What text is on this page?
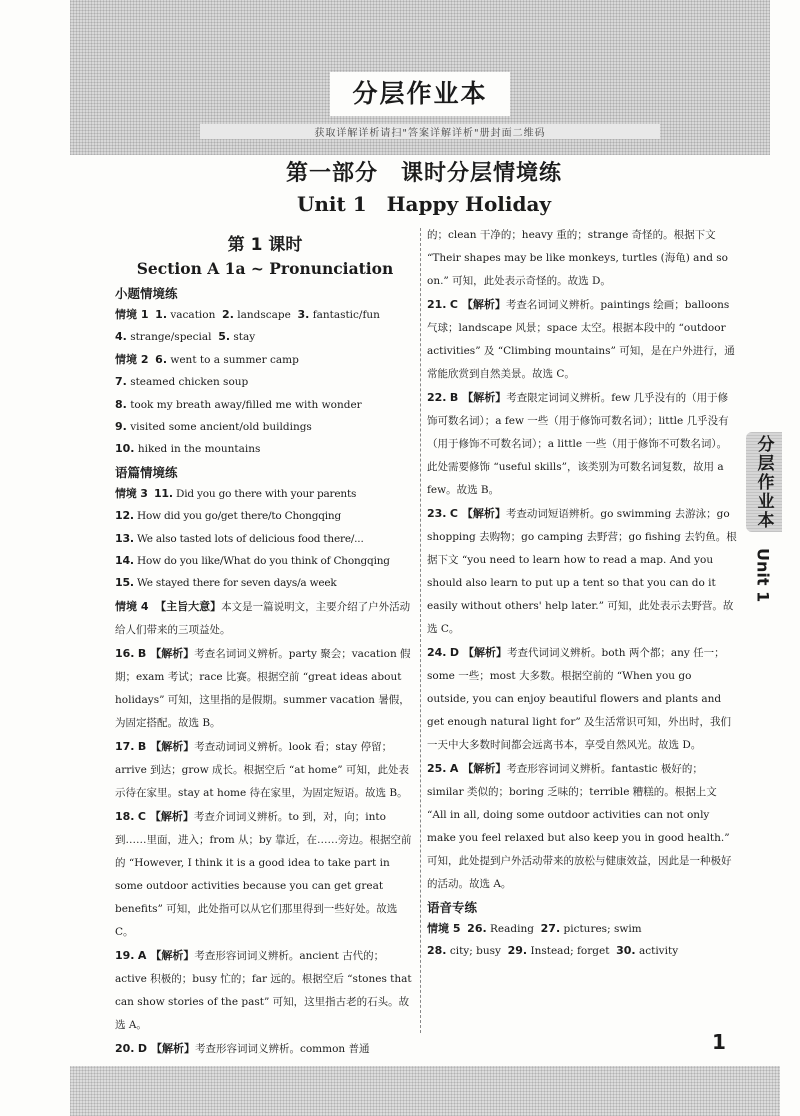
分层作业本
获取详解详析请扫"答案详解详析"册封面二维码
第一部分　课时分层情境练
Unit 1　Happy Holiday
第 1 课时
Section A 1a ~ Pronunciation
小题情境练
情境 1 1. vacation 2. landscape 3. fantastic/fun
4. strange/special 5. stay
情境 2 6. went to a summer camp
7. steamed chicken soup
8. took my breath away/filled me with wonder
9. visited some ancient/old buildings
10. hiked in the mountains
语篇情境练
情境 3 11. Did you go there with your parents
12. How did you go/get there/to Chongqing
13. We also tasted lots of delicious food there/...
14. How do you like/What do you think of Chongqing
15. We stayed there for seven days/a week
情境 4 【主旨大意】本文是一篇说明文，主要介绍了户外活动给人们带来的三项益处。
16. B 【解析】考查名词词义辨析。party 聚会；vacation 假期；exam 考试；race 比赛。根据空前 “great ideas about holidays” 可知，这里指的是假期。summer vacation 暑假，为固定搭配。故选 B。
17. B 【解析】考查动词词义辨析。look 看；stay 停留；arrive 到达；grow 成长。根据空后 “at home” 可知，此处表示待在家里。stay at home 待在家里，为固定短语。故选 B。
18. C 【解析】考查介词词义辨析。to 到，对，向；into 到……里面，进入；from 从；by 靠近，在……旁边。根据空前的 “However, I think it is a good idea to take part in some outdoor activities because you can get great benefits” 可知，此处指可以从它们那里得到一些好处。故选 C。
19. A 【解析】考查形容词词义辨析。ancient 古代的；active 积极的；busy 忙的；far 远的。根据空后 “stones that can show stories of the past” 可知，这里指古老的石头。故选 A。
20. D 【解析】考查形容词词义辨析。common 普通
的；clean 干净的；heavy 重的；strange 奇怪的。根据下文 “Their shapes may be like monkeys, turtles (海龟) and so on.” 可知，此处表示奇怪的。故选 D。
21. C 【解析】考查名词词义辨析。paintings 绘画；balloons 气球；landscape 风景；space 太空。根据本段中的 “outdoor activities” 及 “Climbing mountains” 可知，是在户外进行，通常能欣赏到自然美景。故选 C。
22. B 【解析】考查限定词词义辨析。few 几乎没有的（用于修饰可数名词）；a few 一些（用于修饰可数名词）；little 几乎没有（用于修饰不可数名词）；a little 一些（用于修饰不可数名词）。此处需要修饰 “useful skills”，该类别为可数名词复数，故用 a few。故选 B。
23. C 【解析】考查动词短语辨析。go swimming 去游泳；go shopping 去购物；go camping 去野营；go fishing 去钓鱼。根据下文 “you need to learn how to read a map. And you should also learn to put up a tent so that you can do it easily without others' help later.” 可知，此处表示去野营。故选 C。
24. D 【解析】考查代词词义辨析。both 两个都；any 任一；some 一些；most 大多数。根据空前的 “When you go outside, you can enjoy beautiful flowers and plants and get enough natural light for” 及生活常识可知，外出时，我们一天中大多数时间都会远离书本，享受自然风光。故选 D。
25. A 【解析】考查形容词词义辨析。fantastic 极好的；similar 类似的；boring 乏味的；terrible 糟糕的。根据上文 “All in all, doing some outdoor activities can not only make you feel relaxed but also keep you in good health.” 可知，此处提到户外活动带来的放松与健康效益，因此是一种极好的活动。故选 A。
语音专练
情境 5 26. Reading 27. pictures; swim
28. city; busy 29. Instead; forget 30. activity
分层作业本
Unit 1
1
